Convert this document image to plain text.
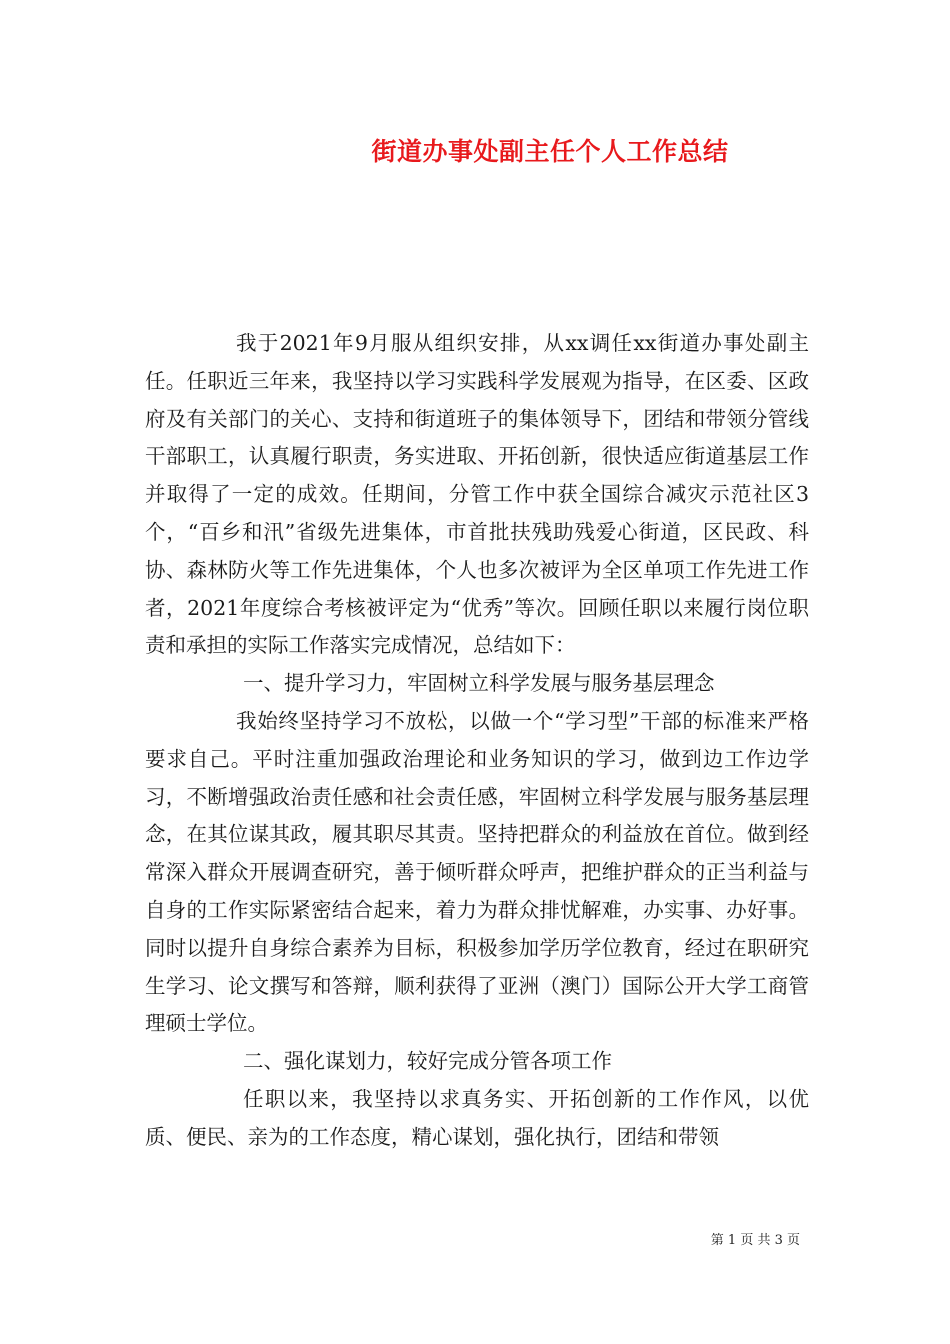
街道办事处副主任个人工作总结

我于2021年9月服从组织安排，从xx调任xx街道办事处副主任。任职近三年来，我坚持以学习实践科学发展观为指导，在区委、区政府及有关部门的关心、支持和街道班子的集体领导下，团结和带领分管线干部职工，认真履行职责，务实进取、开拓创新，很快适应街道基层工作并取得了一定的成效。任期间，分管工作中获全国综合减灾示范社区3个，“百乡和汛”省级先进集体，市首批扶残助残爱心街道，区民政、科协、森林防火等工作先进集体，个人也多次被评为全区单项工作先进工作者，2021年度综合考核被评定为“优秀”等次。回顾任职以来履行岗位职责和承担的实际工作落实完成情况，总结如下：

一、提升学习力，牢固树立科学发展与服务基层理念

我始终坚持学习不放松，以做一个“学习型”干部的标准来严格要求自己。平时注重加强政治理论和业务知识的学习，做到边工作边学习，不断增强政治责任感和社会责任感，牢固树立科学发展与服务基层理念，在其位谋其政，履其职尽其责。坚持把群众的利益放在首位。做到经常深入群众开展调查研究，善于倾听群众呼声，把维护群众的正当利益与自身的工作实际紧密结合起来，着力为群众排忧解难，办实事、办好事。同时以提升自身综合素养为目标，积极参加学历学位教育，经过在职研究生学习、论文撰写和答辩，顺利获得了亚洲（澳门）国际公开大学工商管理硕士学位。

二、强化谋划力，较好完成分管各项工作

任职以来，我坚持以求真务实、开拓创新的工作作风，以优质、便民、亲为的工作态度，精心谋划，强化执行，团结和带领

第 1 页 共 3 页
